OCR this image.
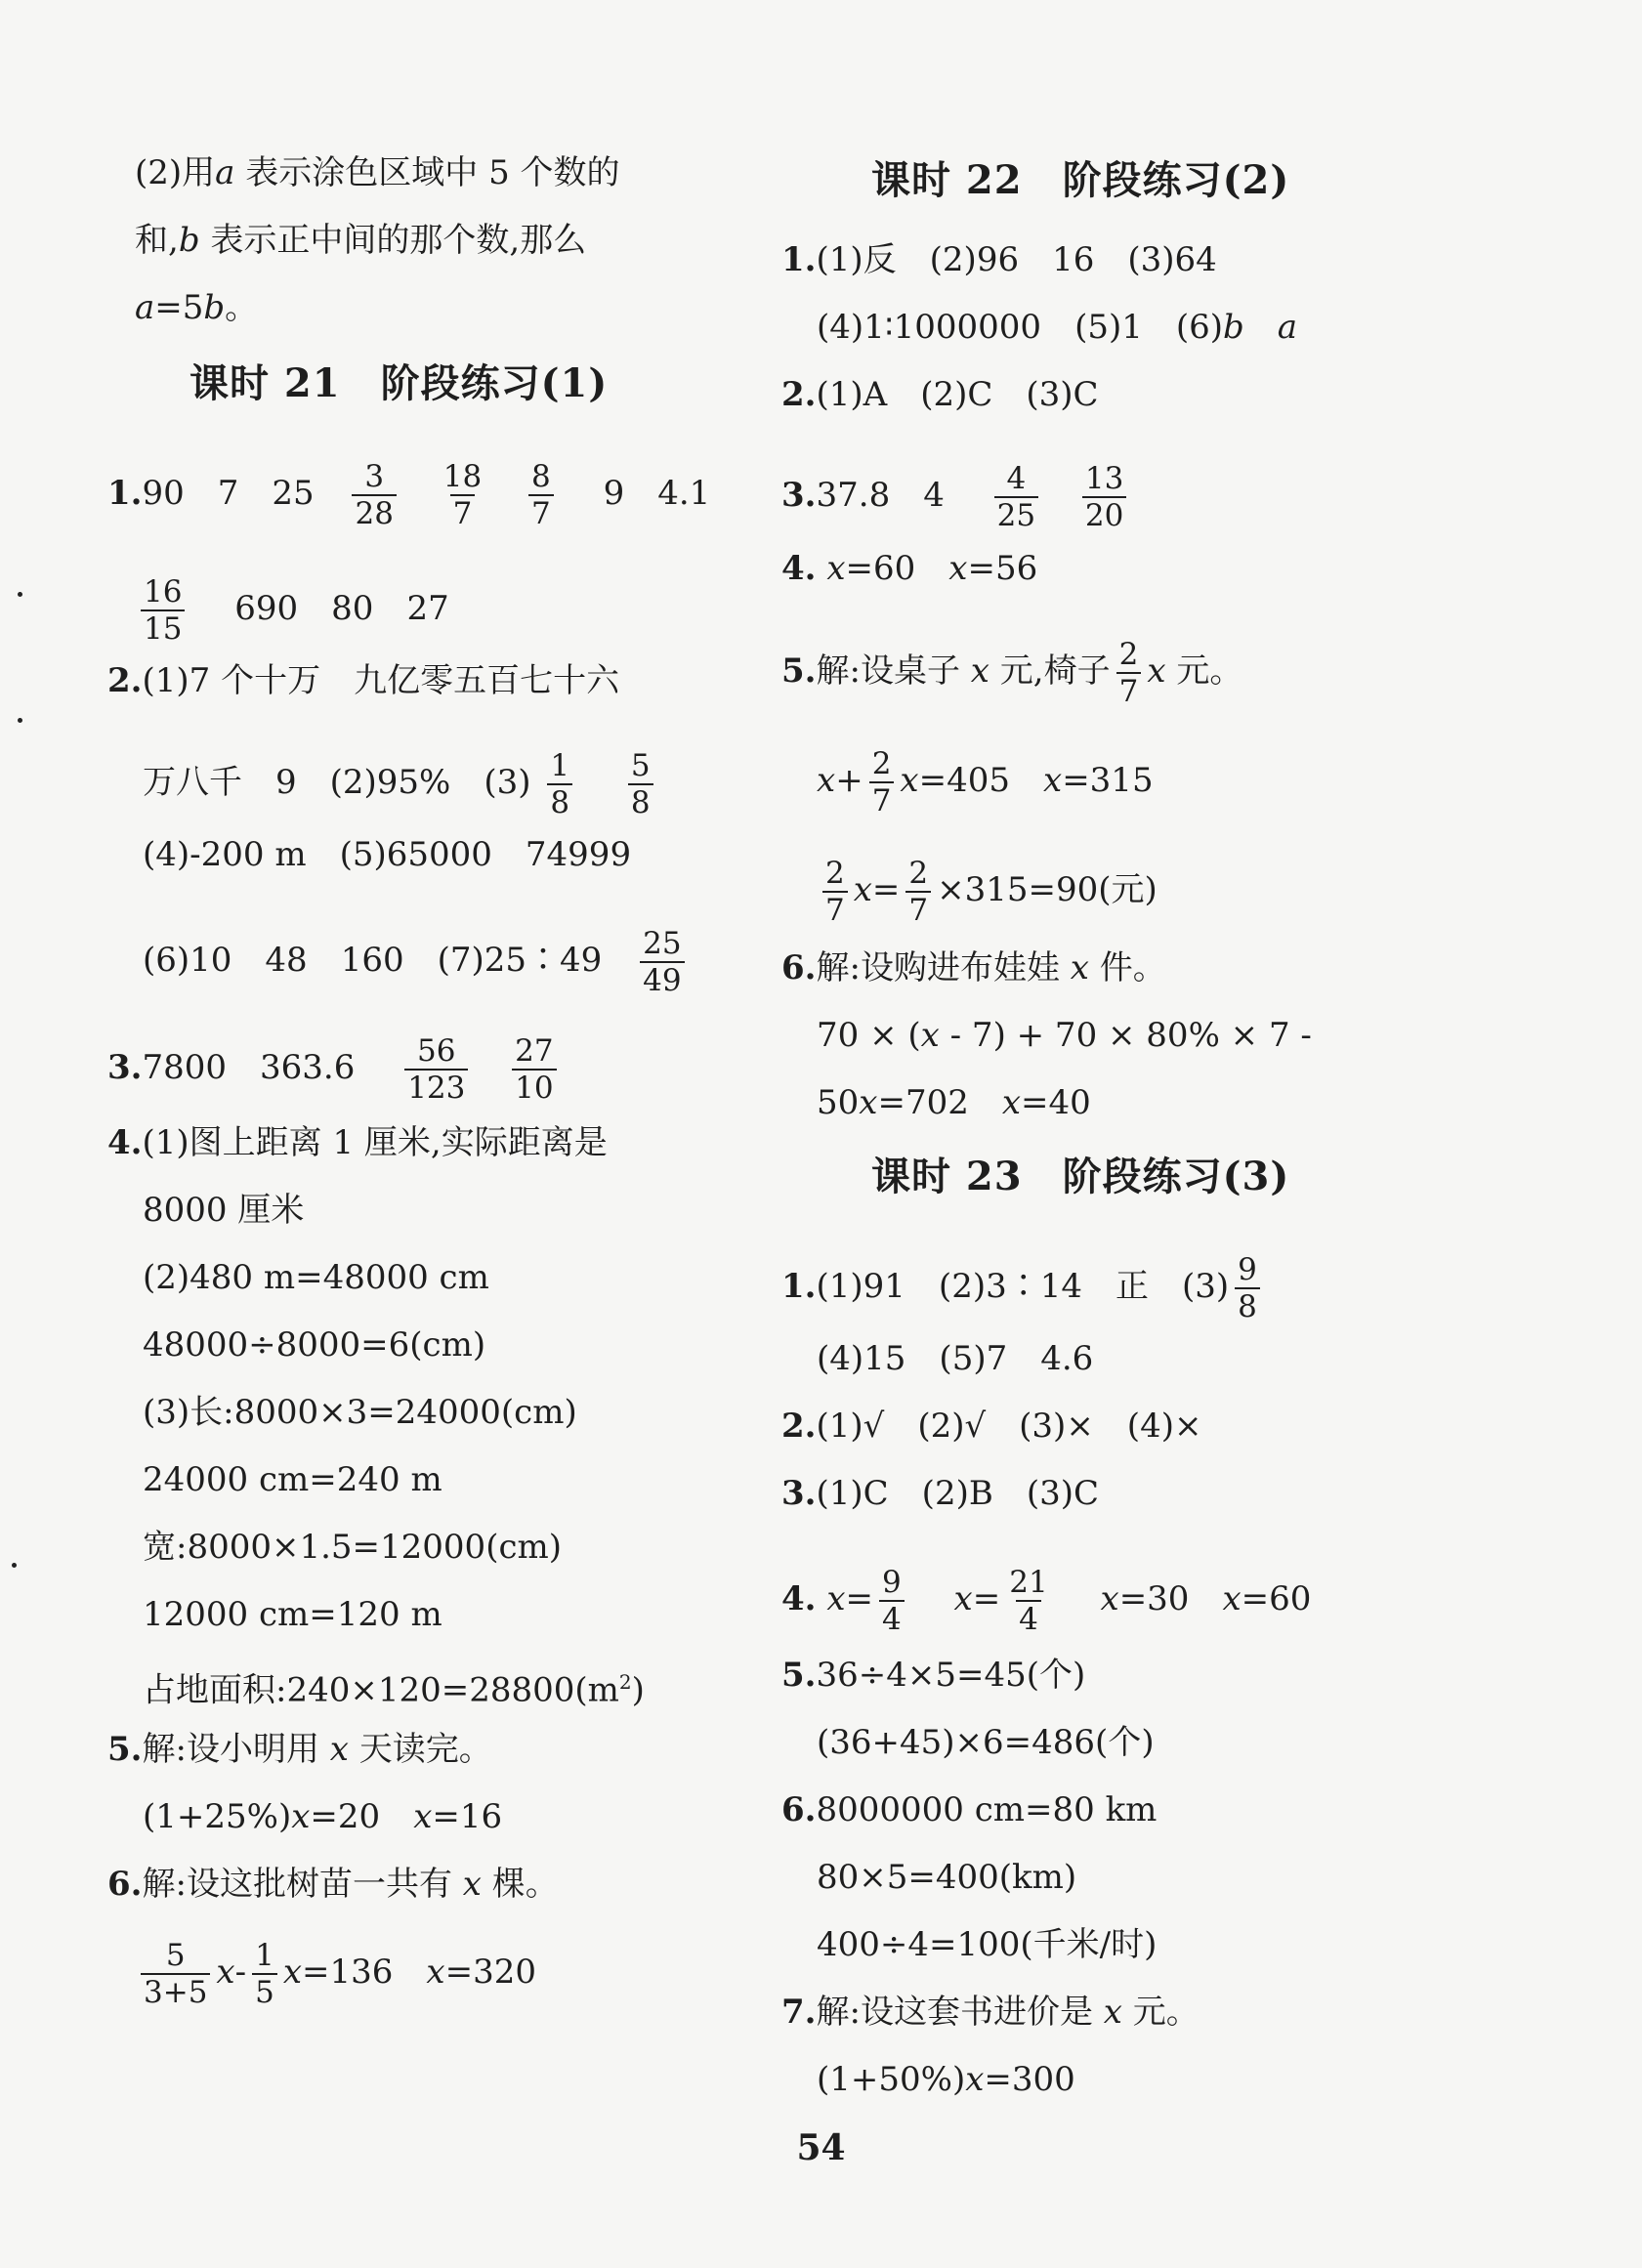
(2)用a 表示涂色区域中 5 个数的
和,b 表示正中间的那个数,那么
a=5b。
课时 21　阶段练习(1)
1.90 7 $25 \frac{3}{28}$
$\frac{18}{7}$
$\frac{8}{7} 9$ 4.1
$\frac{16}{15} 690$ 80 27
2.(1)7 个十万　九亿零五百七十六
万八千　9　(2)95%　$(3) \frac{1}{8}$
$\frac{5}{8}$
(4)-200 m　(5)65000　74999
(6)10　48　160　(7)25∶49 $\frac{25}{49}$
3.7800　$363.6 \frac{56}{123}$
$\frac{27}{10}$
4.(1)图上距离 1 厘米,实际距离是
8000 厘米
(2)480 m=48000 cm
48000÷8000=6(cm)
(3)长:8000×3=24000(cm)
24000 cm=240 m
宽:8000×1.5=12000(cm)
12000 cm=120 m
占地面积$:240\times 120=28800(m^2)$
5.解:设小明用 x 天读完。
(1+25%)x=20　x=16
6.解:设这批树苗一共有 x 棵。
$\frac{5}{3+5} x- \frac{1}{5} x=136$　x=320
课时 22　阶段练习(2)
1.(1)反　(2)96　16　(3)64
(4)1∶1000000　(5)1　(6)b a
2.(1)A　(2)C　(3)C
3.37.8　$4 \frac{4}{25}$
$\frac{13}{20}$
4. x=60 x=56
5.解:设桌子 x 元,椅子 $\frac{2}{7}$ x 元。
$x+ \frac{2}{7} x=405$ x=315
$\frac{2}{7} x= \frac{2}{7} \times 315=90$(元)
6.解:设购进布娃娃 x 件。
70 × (x - 7) + 70 × 80% × 7 -
50x=702　x=40
课时 23　阶段练习(3)
1.(1)91　(2)3∶14　正　$(3) \frac{9}{8}$
(4)15　(5)7　4.6
2.(1)√　(2)√　(3)×　(4)×
3.(1)C　(2)B　(3)C
4. $x= \frac{9}{4} x= \frac{21}{4} x=30$ x=60
5.36÷4×5=45(个)
(36+45)×6=486(个)
6.8000000 cm=80 km
80×5=400(km)
400÷4=100(千米/时)
7.解:设这套书进价是 x 元。
(1+50%)x=300
54
